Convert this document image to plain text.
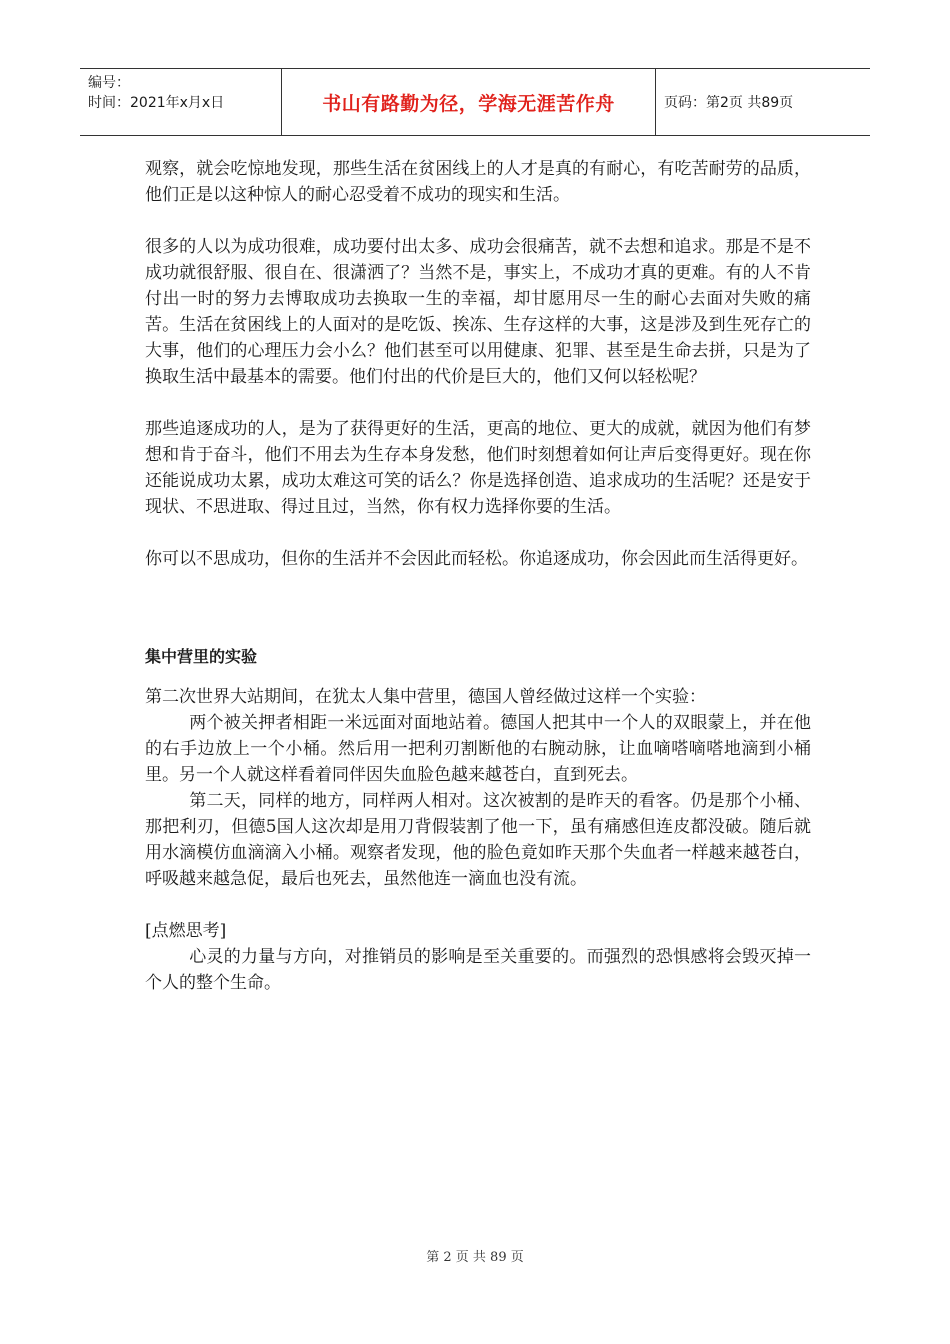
编号：
时间：2021年x月x日	书山有路勤为径，学海无涯苦作舟	页码：第2页 共89页

观察，就会吃惊地发现，那些生活在贫困线上的人才是真的有耐心，有吃苦耐劳的品质，他们正是以这种惊人的耐心忍受着不成功的现实和生活。

很多的人以为成功很难，成功要付出太多、成功会很痛苦，就不去想和追求。那是不是不成功就很舒服、很自在、很潇洒了？当然不是，事实上，不成功才真的更难。有的人不肯付出一时的努力去博取成功去换取一生的幸福，却甘愿用尽一生的耐心去面对失败的痛苦。生活在贫困线上的人面对的是吃饭、挨冻、生存这样的大事，这是涉及到生死存亡的大事，他们的心理压力会小么？他们甚至可以用健康、犯罪、甚至是生命去拼，只是为了换取生活中最基本的需要。他们付出的代价是巨大的，他们又何以轻松呢？

那些追逐成功的人，是为了获得更好的生活，更高的地位、更大的成就，就因为他们有梦想和肯于奋斗，他们不用去为生存本身发愁，他们时刻想着如何让声后变得更好。现在你还能说成功太累，成功太难这可笑的话么？你是选择创造、追求成功的生活呢？还是安于现状、不思进取、得过且过，当然，你有权力选择你要的生活。

你可以不思成功，但你的生活并不会因此而轻松。你追逐成功，你会因此而生活得更好。

集中营里的实验

第二次世界大站期间，在犹太人集中营里，德国人曾经做过这样一个实验：

两个被关押者相距一米远面对面地站着。德国人把其中一个人的双眼蒙上，并在他的右手边放上一个小桶。然后用一把利刃割断他的右腕动脉，让血嘀嗒嘀嗒地滴到小桶里。另一个人就这样看着同伴因失血脸色越来越苍白，直到死去。

第二天，同样的地方，同样两人相对。这次被割的是昨天的看客。仍是那个小桶、那把利刃，但德5国人这次却是用刀背假装割了他一下，虽有痛感但连皮都没破。随后就用水滴模仿血滴滴入小桶。观察者发现，他的脸色竟如昨天那个失血者一样越来越苍白，呼吸越来越急促，最后也死去，虽然他连一滴血也没有流。

[点燃思考]

心灵的力量与方向，对推销员的影响是至关重要的。而强烈的恐惧感将会毁灭掉一个人的整个生命。

第 2 页 共 89 页
